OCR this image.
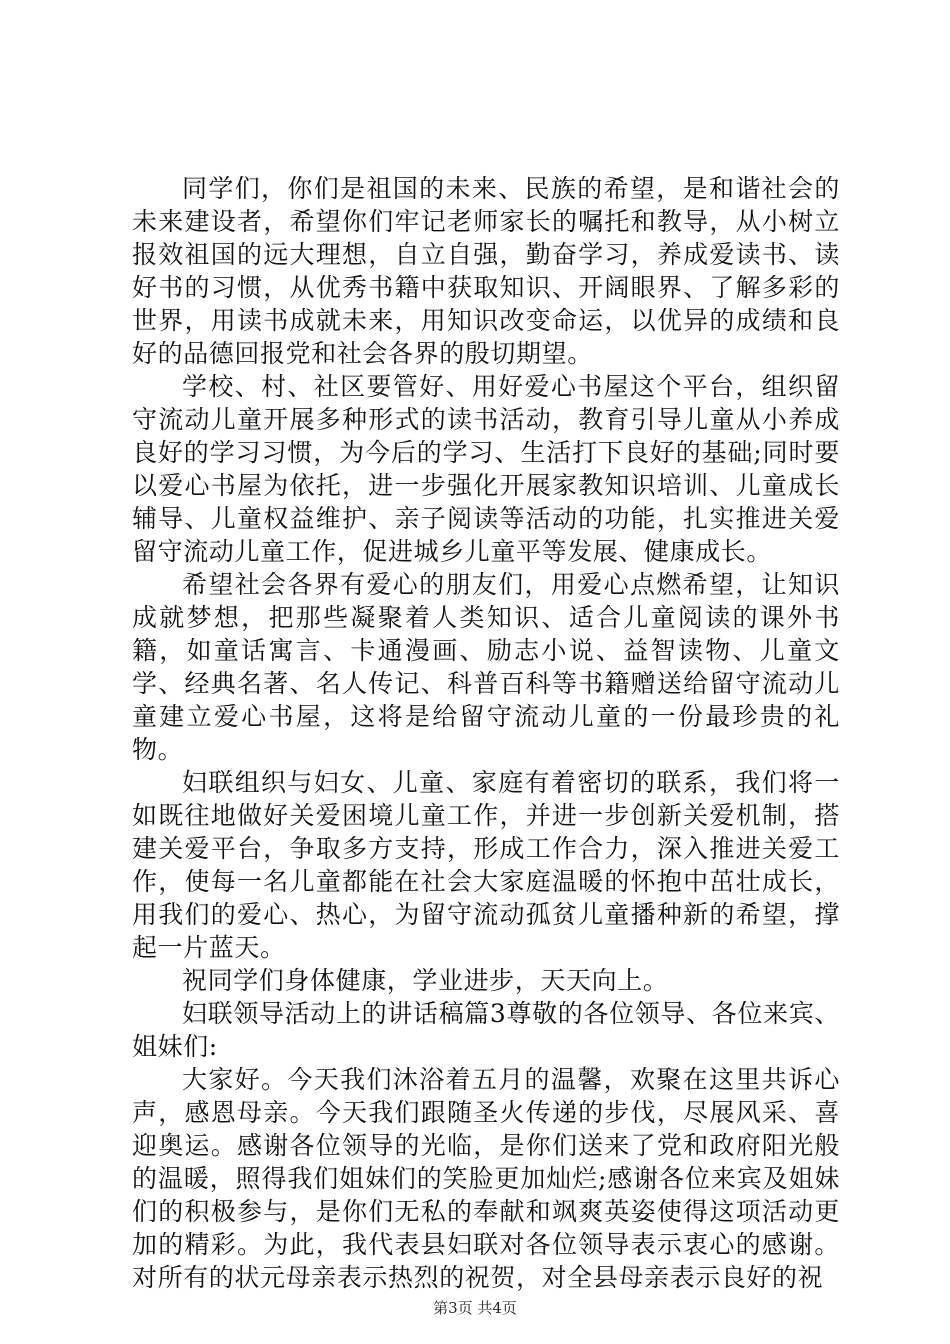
同学们，你们是祖国的未来、民族的希望，是和谐社会的未来建设者，希望你们牢记老师家长的嘱托和教导，从小树立报效祖国的远大理想，自立自强，勤奋学习，养成爱读书、读好书的习惯，从优秀书籍中获取知识、开阔眼界、了解多彩的世界，用读书成就未来，用知识改变命运，以优异的成绩和良好的品德回报党和社会各界的殷切期望。

学校、村、社区要管好、用好爱心书屋这个平台，组织留守流动儿童开展多种形式的读书活动，教育引导儿童从小养成良好的学习习惯，为今后的学习、生活打下良好的基础;同时要以爱心书屋为依托，进一步强化开展家教知识培训、儿童成长辅导、儿童权益维护、亲子阅读等活动的功能，扎实推进关爱留守流动儿童工作，促进城乡儿童平等发展、健康成长。

希望社会各界有爱心的朋友们，用爱心点燃希望，让知识成就梦想，把那些凝聚着人类知识、适合儿童阅读的课外书籍，如童话寓言、卡通漫画、励志小说、益智读物、儿童文学、经典名著、名人传记、科普百科等书籍赠送给留守流动儿童建立爱心书屋，这将是给留守流动儿童的一份最珍贵的礼物。

妇联组织与妇女、儿童、家庭有着密切的联系，我们将一如既往地做好关爱困境儿童工作，并进一步创新关爱机制，搭建关爱平台，争取多方支持，形成工作合力，深入推进关爱工作，使每一名儿童都能在社会大家庭温暖的怀抱中茁壮成长，用我们的爱心、热心，为留守流动孤贫儿童播种新的希望，撑起一片蓝天。

祝同学们身体健康，学业进步，天天向上。

妇联领导活动上的讲话稿篇3尊敬的各位领导、各位来宾、姐妹们:

大家好。今天我们沐浴着五月的温馨，欢聚在这里共诉心声，感恩母亲。今天我们跟随圣火传递的步伐，尽展风采、喜迎奥运。感谢各位领导的光临，是你们送来了党和政府阳光般的温暖，照得我们姐妹们的笑脸更加灿烂;感谢各位来宾及姐妹们的积极参与，是你们无私的奉献和飒爽英姿使得这项活动更加的精彩。为此，我代表县妇联对各位领导表示衷心的感谢。对所有的状元母亲表示热烈的祝贺，对全县母亲表示良好的祝

第3页 共4页
